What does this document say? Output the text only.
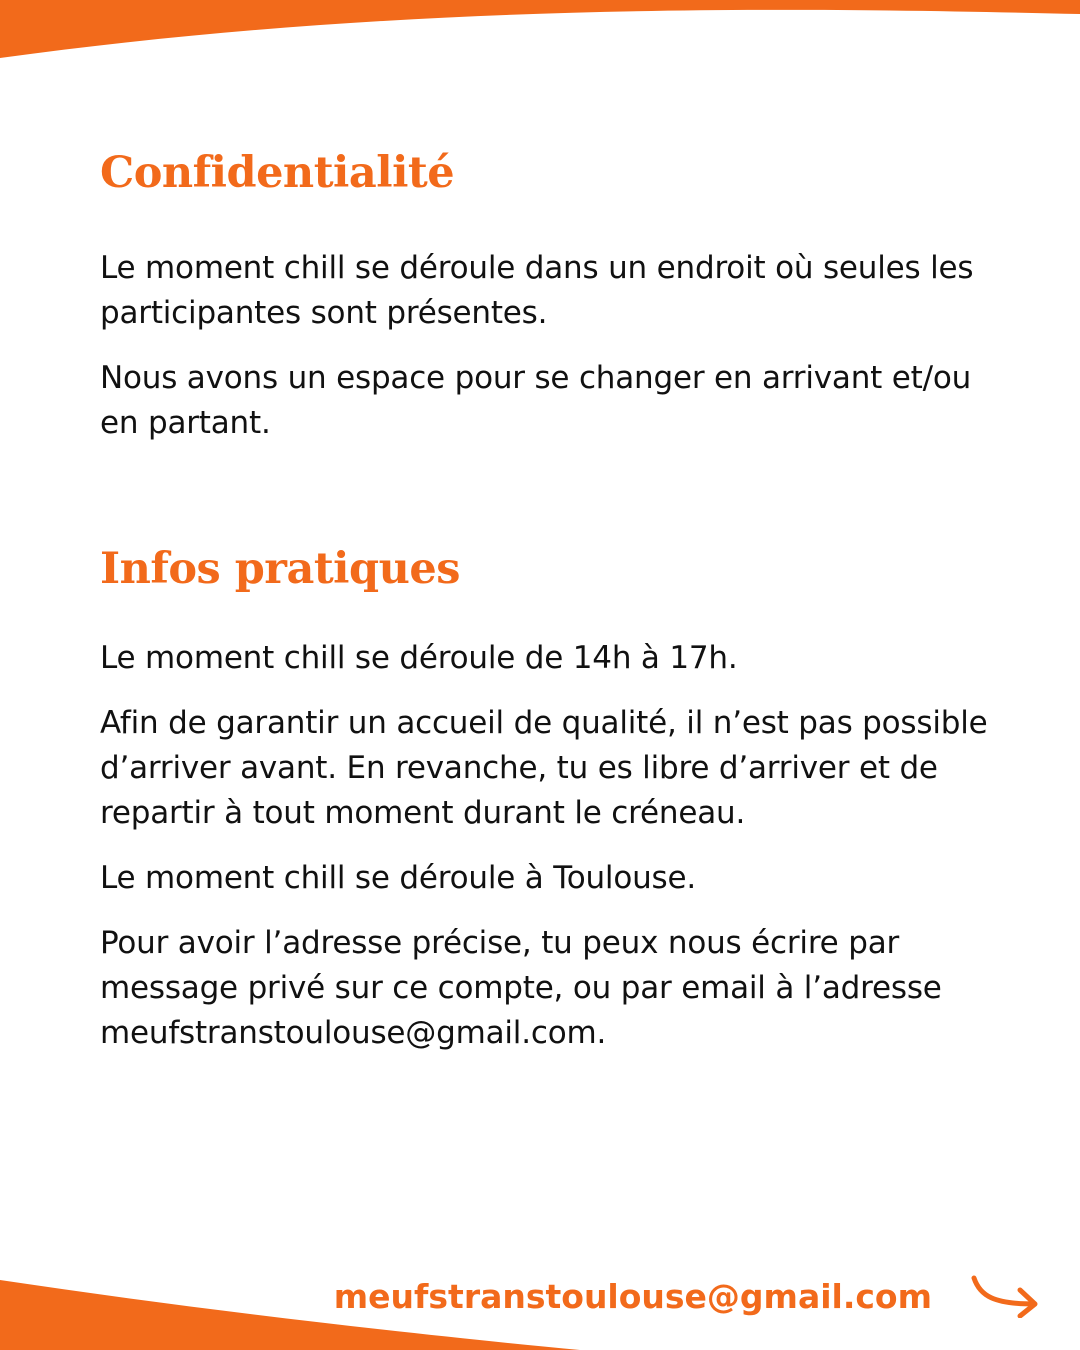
Confidentialité

Le moment chill se déroule dans un endroit où seules les participantes sont présentes.

Nous avons un espace pour se changer en arrivant et/ou en partant.

Infos pratiques

Le moment chill se déroule de 14h à 17h.

Afin de garantir un accueil de qualité, il n’est pas possible d’arriver avant. En revanche, tu es libre d’arriver et de repartir à tout moment durant le créneau.

Le moment chill se déroule à Toulouse.

Pour avoir l’adresse précise, tu peux nous écrire par message privé sur ce compte, ou par email à l’adresse meufstranstoulouse@gmail.com.

meufstranstoulouse@gmail.com
